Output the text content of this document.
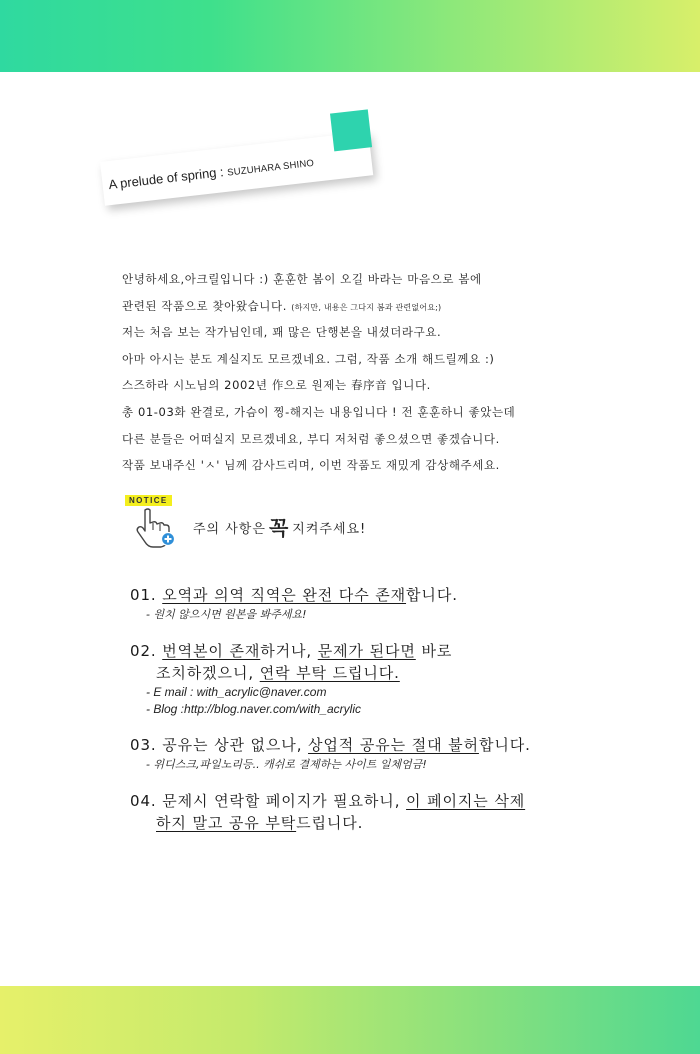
A prelude of spring : SUZUHARA SHINO

안녕하세요,아크릴입니다 :) 훈훈한 봄이 오길 바라는 마음으로 봄에

관련된 작품으로 찾아왔습니다. (하지만, 내용은 그다지 봄과 관련없어요;)

저는 처음 보는 작가님인데, 꽤 많은 단행본을 내셨더라구요.

아마 아시는 분도 계실지도 모르겠네요. 그럼, 작품 소개 해드릴께요 :)

스즈하라 시노님의 2002년 作으로 원제는 春序音 입니다.

총 01-03화 완결로, 가슴이 찡-해지는 내용입니다 ! 전 훈훈하니 좋았는데

다른 분들은 어떠실지 모르겠네요, 부디 저처럼 좋으셨으면 좋겠습니다.

작품 보내주신 'ㅅ' 님께 감사드리며, 이번 작품도 재밌게 감상해주세요.

NOTICE
주의 사항은 꼭 지켜주세요!
01. 오역과 의역 직역은 완전 다수 존재합니다.
- 원치 않으시면 원본을 봐주세요!
02. 번역본이 존재하거나, 문제가 된다면 바로
조치하겠으니, 연락 부탁 드립니다.
- E mail : with_acrylic@naver.com
- Blog :http://blog.naver.com/with_acrylic
03. 공유는 상관 없으나, 상업적 공유는 절대 불허합니다.
- 위디스크,파일노리등.. 캐쉬로 결제하는 사이트 일체엄금!
04. 문제시 연락할 페이지가 필요하니, 이 페이지는 삭제
하지 말고 공유 부탁드립니다.
